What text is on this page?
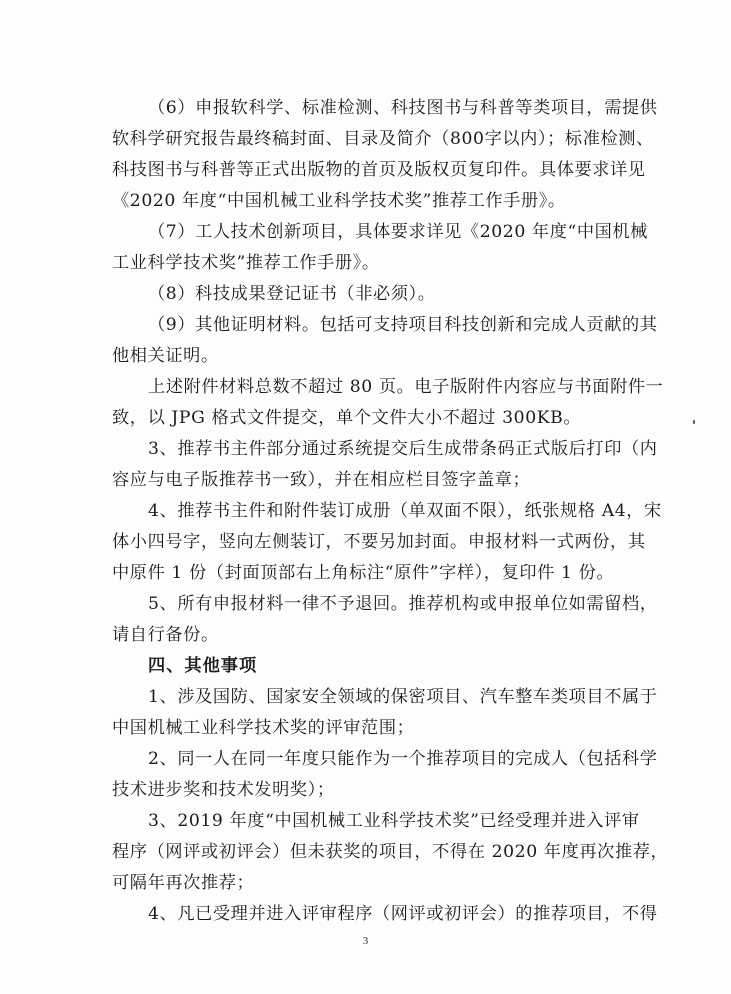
（6）申报软科学、标准检测、科技图书与科普等类项目，需提供
软科学研究报告最终稿封面、目录及简介（800字以内）；标准检测、
科技图书与科普等正式出版物的首页及版权页复印件。具体要求详见
《2020 年度“中国机械工业科学技术奖”推荐工作手册》。
（7）工人技术创新项目，具体要求详见《2020 年度“中国机械
工业科学技术奖”推荐工作手册》。
（8）科技成果登记证书（非必须）。
（9）其他证明材料。包括可支持项目科技创新和完成人贡献的其
他相关证明。
上述附件材料总数不超过 80 页。电子版附件内容应与书面附件一
致，以 JPG 格式文件提交，单个文件大小不超过 300KB。
3、推荐书主件部分通过系统提交后生成带条码正式版后打印（内
容应与电子版推荐书一致），并在相应栏目签字盖章；
4、推荐书主件和附件装订成册（单双面不限），纸张规格 A4，宋
体小四号字，竖向左侧装订，不要另加封面。申报材料一式两份，其
中原件 1 份（封面顶部右上角标注“原件”字样），复印件 1 份。
5、所有申报材料一律不予退回。推荐机构或申报单位如需留档，
请自行备份。
四、其他事项
1、涉及国防、国家安全领域的保密项目、汽车整车类项目不属于
中国机械工业科学技术奖的评审范围；
2、同一人在同一年度只能作为一个推荐项目的完成人（包括科学
技术进步奖和技术发明奖）；
3、2019 年度“中国机械工业科学技术奖”已经受理并进入评审
程序（网评或初评会）但未获奖的项目，不得在 2020 年度再次推荐，
可隔年再次推荐；
4、凡已受理并进入评审程序（网评或初评会）的推荐项目，不得
3
